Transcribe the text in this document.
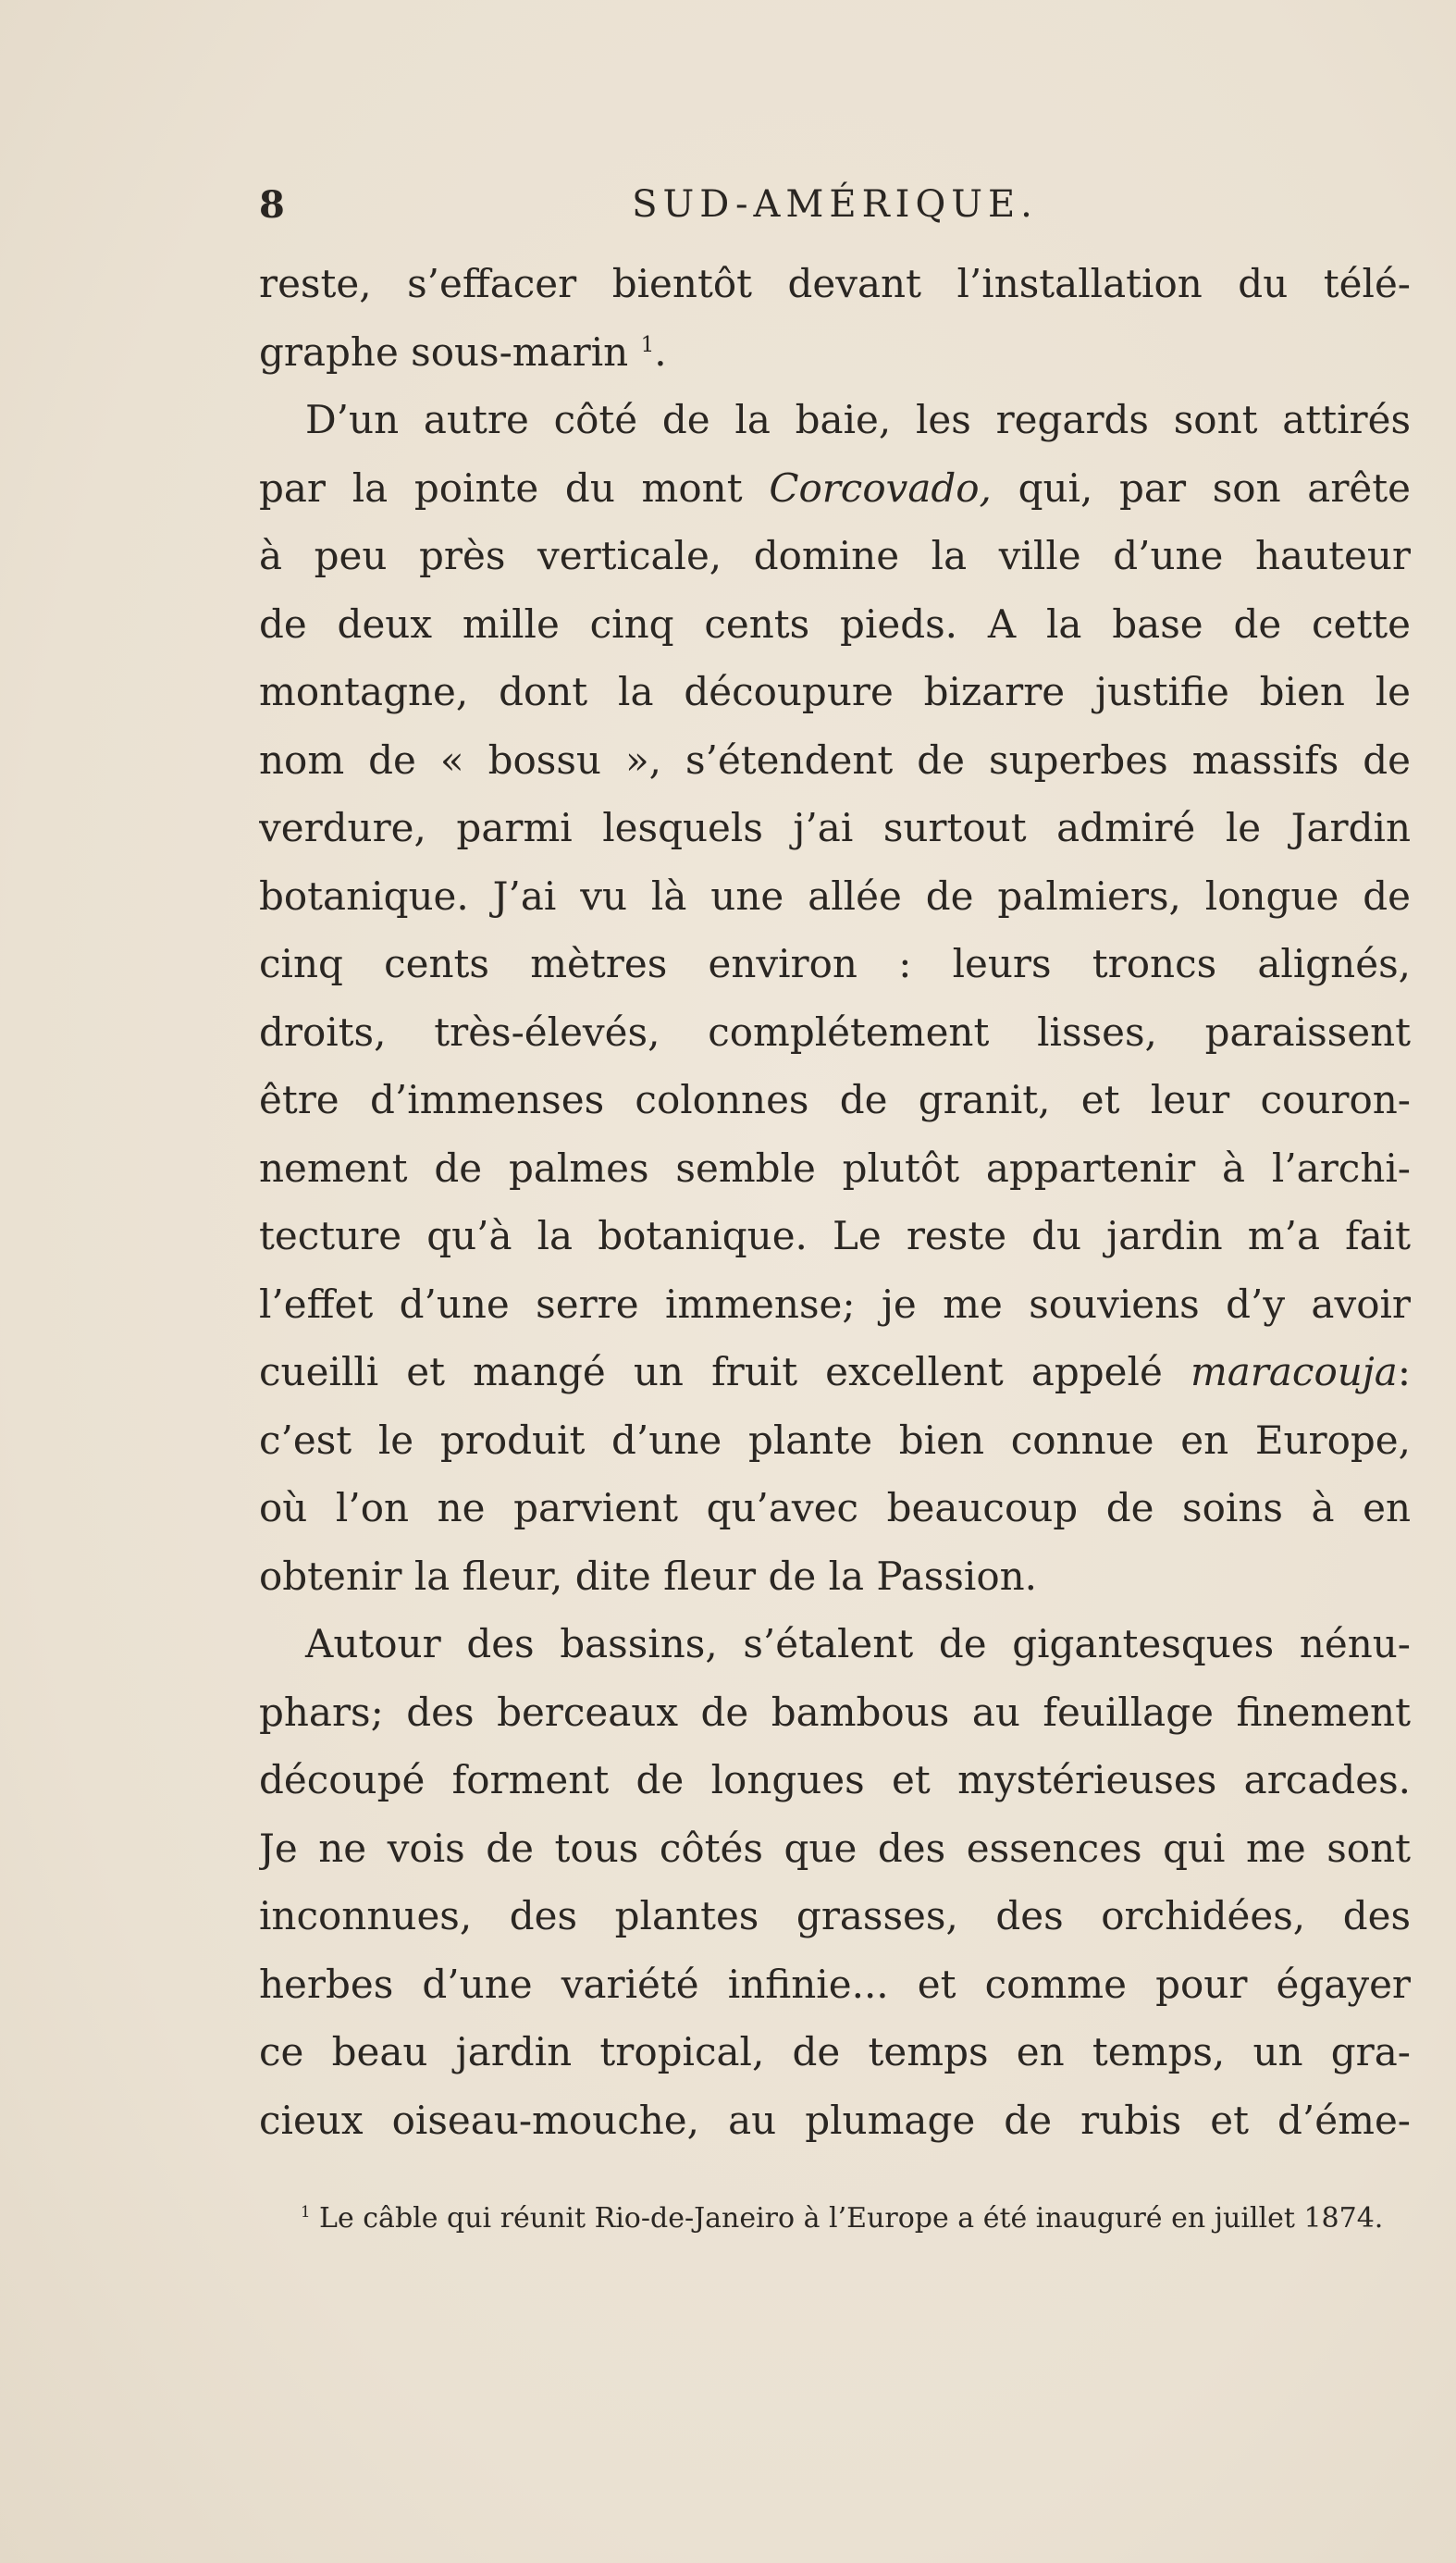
8	SUD-AMÉRIQUE.
reste, s’effacer bientôt devant l’installation du télé-
graphe sous-marin $^1$.
D’un autre côté de la baie, les regards sont attirés
par la pointe du mont Corcovado, qui, par son arête
à peu près verticale, domine la ville d’une hauteur
de deux mille cinq cents pieds. A la base de cette
montagne, dont la découpure bizarre justifie bien le
nom de « bossu », s’étendent de superbes massifs de
verdure, parmi lesquels j’ai surtout admiré le Jardin
botanique. J’ai vu là une allée de palmiers, longue de
cinq cents mètres environ : leurs troncs alignés,
droits, très-élevés, complétement lisses, paraissent
être d’immenses colonnes de granit, et leur couron-
nement de palmes semble plutôt appartenir à l’archi-
tecture qu’à la botanique. Le reste du jardin m’a fait
l’effet d’une serre immense; je me souviens d’y avoir
cueilli et mangé un fruit excellent appelé maracouja:
c’est le produit d’une plante bien connue en Europe,
où l’on ne parvient qu’avec beaucoup de soins à en
obtenir la fleur, dite fleur de la Passion.
Autour des bassins, s’étalent de gigantesques nénu-
phars; des berceaux de bambous au feuillage finement
découpé forment de longues et mystérieuses arcades.
Je ne vois de tous côtés que des essences qui me sont
inconnues, des plantes grasses, des orchidées, des
herbes d’une variété infinie... et comme pour égayer
ce beau jardin tropical, de temps en temps, un gra-
cieux oiseau-mouche, au plumage de rubis et d’éme-
$^1$ Le câble qui réunit Rio-de-Janeiro à l’Europe a été inauguré en juillet 1874.
